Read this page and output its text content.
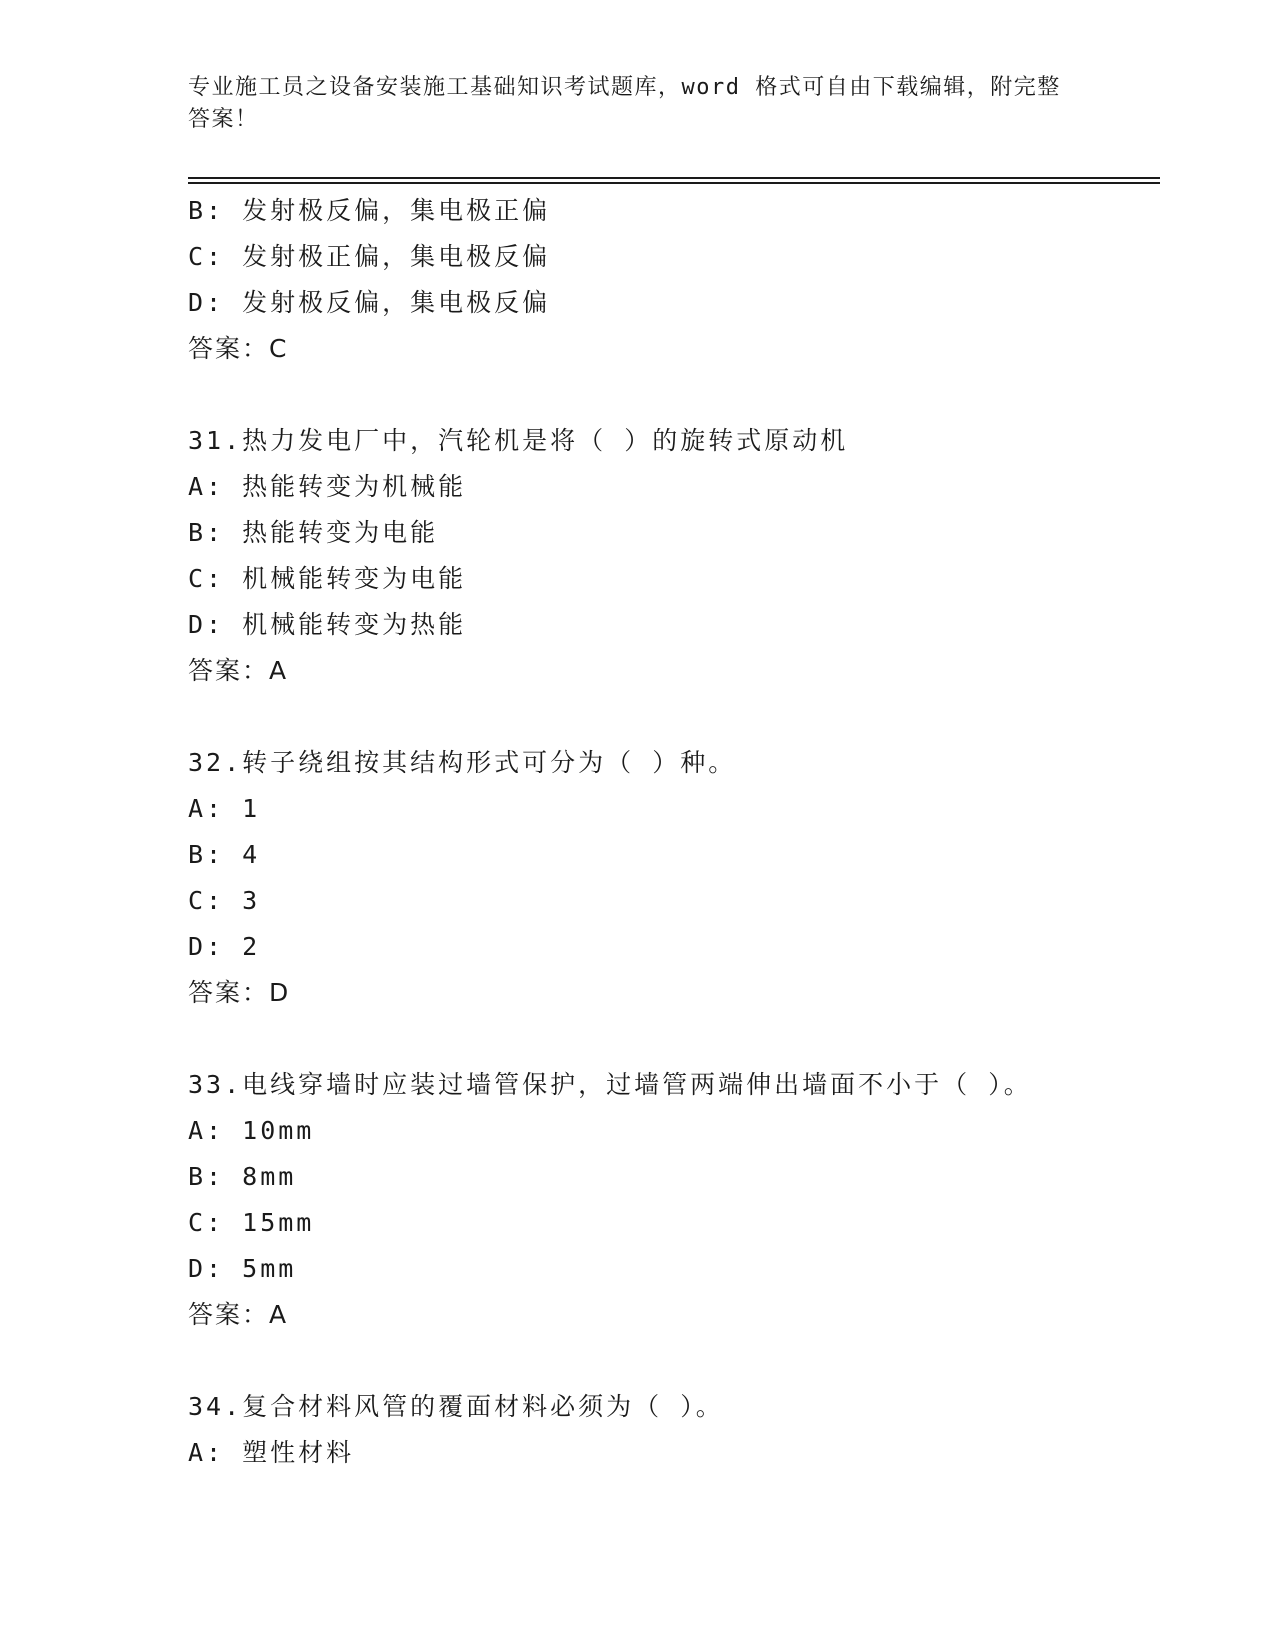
专业施工员之设备安装施工基础知识考试题库，word 格式可自由下载编辑，附完整答案！
B: 发射极反偏，集电极正偏
C: 发射极正偏，集电极反偏
D: 发射极反偏，集电极反偏
答案：C
31.热力发电厂中，汽轮机是将（ ）的旋转式原动机
A: 热能转变为机械能
B: 热能转变为电能
C: 机械能转变为电能
D: 机械能转变为热能
答案：A
32.转子绕组按其结构形式可分为（ ）种。
A: 1
B: 4
C: 3
D: 2
答案：D
33.电线穿墙时应装过墙管保护，过墙管两端伸出墙面不小于（ ）。
A: 10mm
B: 8mm
C: 15mm
D: 5mm
答案：A
34.复合材料风管的覆面材料必须为（ ）。
A: 塑性材料
